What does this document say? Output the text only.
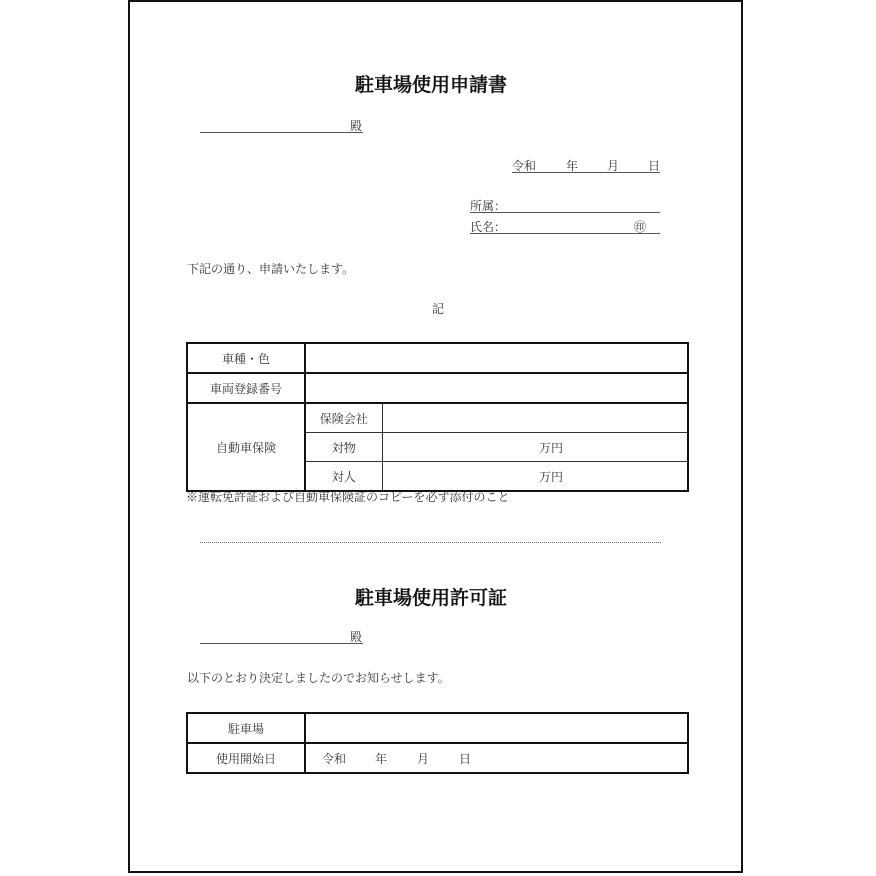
駐車場使用申請書
殿
令和 年 月 日
所属：
氏名：	㊞
下記の通り、申請いたします。
記
車種・色		
車両登録番号		
自動車保険	保険会社	
	対物	万円
	対人	万円
※運転免許証および自動車保険証のコピーを必ず添付のこと
駐車場使用許可証
殿
以下のとおり決定しましたのでお知らせします。
駐車場	
使用開始日	令和 年 月 日
